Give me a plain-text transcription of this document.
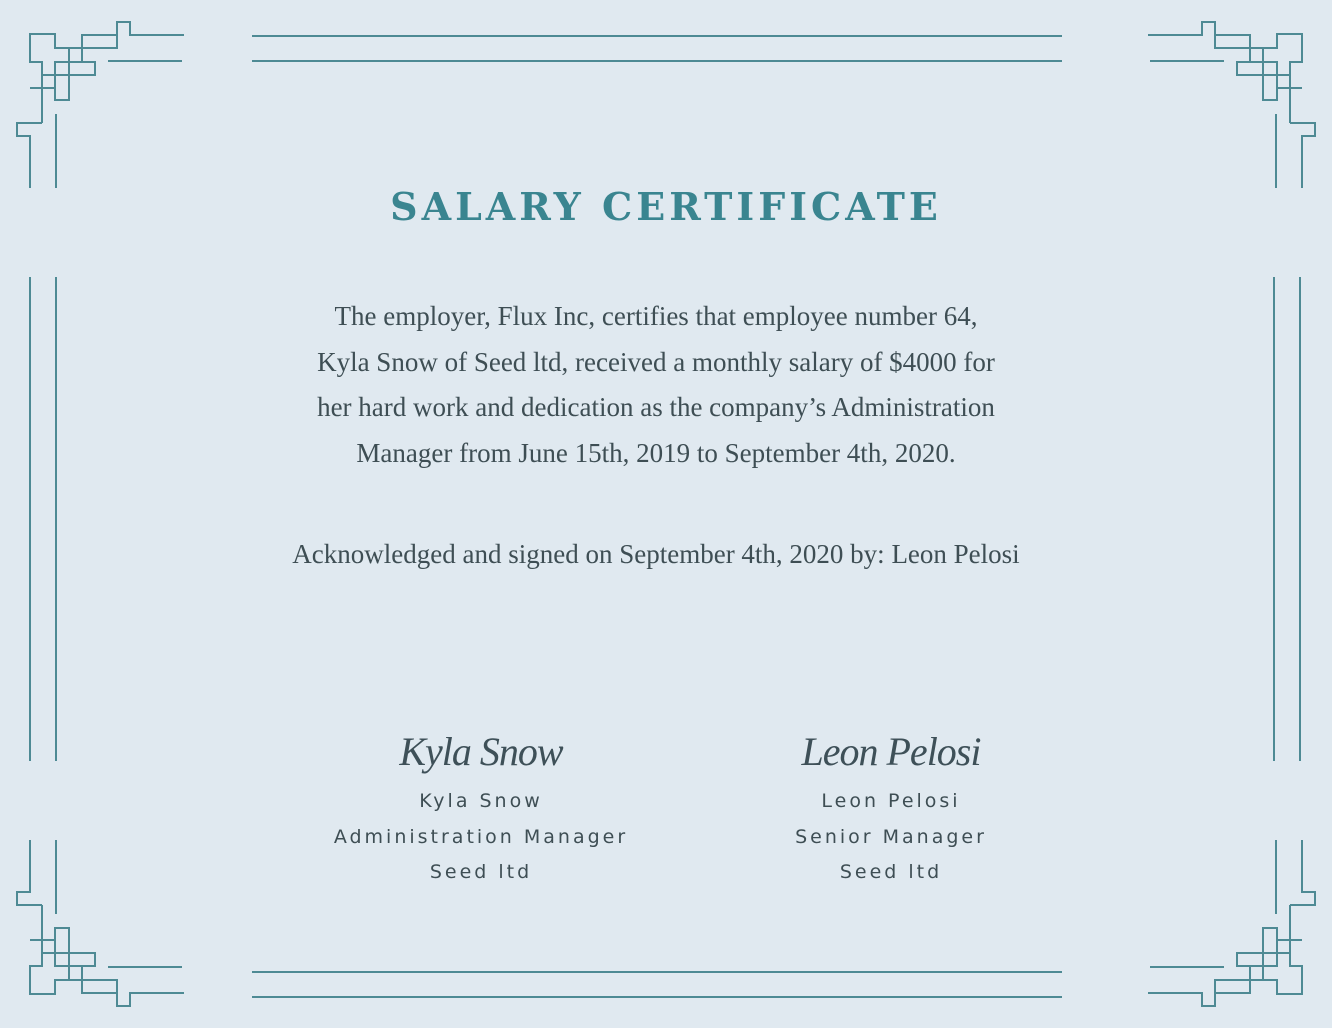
SALARY CERTIFICATE
The employer, Flux Inc, certifies that employee number 64,
Kyla Snow of Seed ltd, received a monthly salary of $4000 for
her hard work and dedication as the company’s Administration
Manager from June 15th, 2019 to September 4th, 2020.
Acknowledged and signed on September 4th, 2020 by: Leon Pelosi
Kyla Snow
Kyla Snow
Administration Manager
Seed ltd
Leon Pelosi
Leon Pelosi
Senior Manager
Seed ltd
